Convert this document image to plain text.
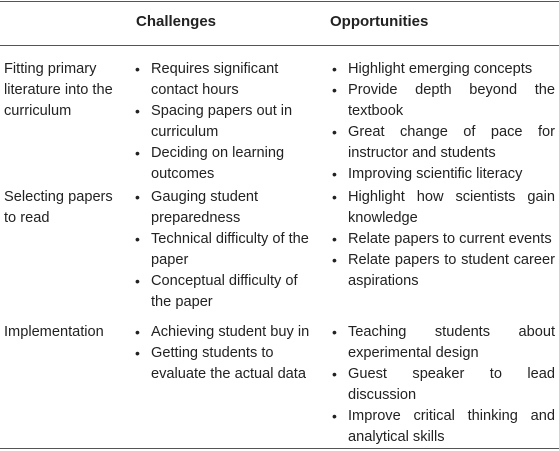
Challenges	Opportunities
Fitting primary literature into the curriculum
• Requires significant contact hours
• Spacing papers out in curriculum
• Deciding on learning outcomes
• Highlight emerging concepts
• Provide depth beyond the textbook
• Great change of pace for instructor and students
• Improving scientific literacy
Selecting papers to read
• Gauging student preparedness
• Technical difficulty of the paper
• Conceptual difficulty of the paper
• Highlight how scientists gain knowledge
• Relate papers to current events
• Relate papers to student career aspirations
Implementation	• Achieving student buy in
• Getting students to evaluate the actual data
• Teaching students about experimental design
• Guest speaker to lead discussion
• Improve critical thinking and analytical skills
